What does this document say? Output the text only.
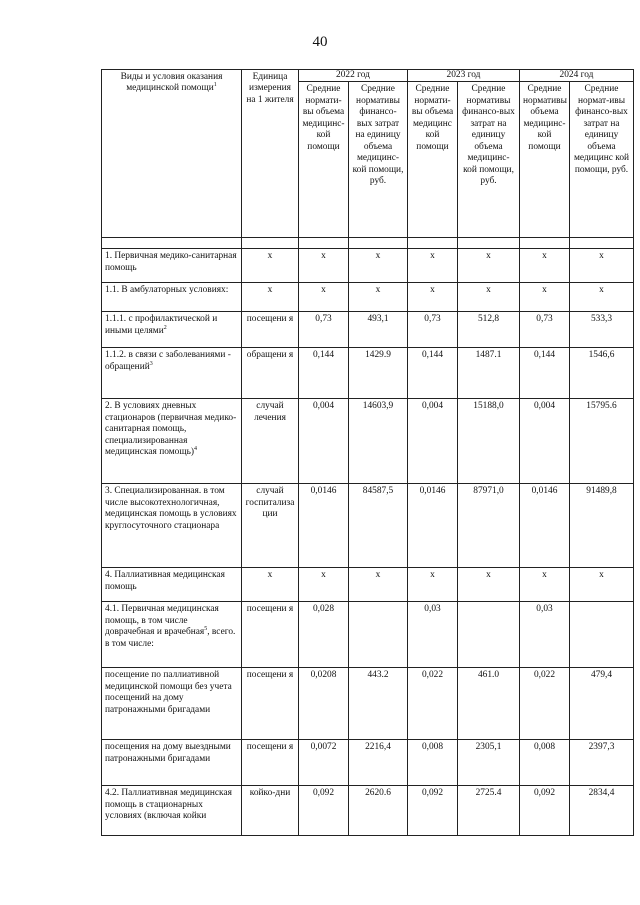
40
Виды и условия оказания медицинской помощи$^1$	Единица измерения на 1 жителя	2022 год		2023 год		2024 год	
		Средние нормати-вы объема медицинс-кой помощи	Средние нормативы финансо-вых затрат на единицу объема медицинс-кой помощи, руб.	Средние нормати-вы объема медицинс кой помощи	Средние нормативы финансо-вых затрат на единицу объема медицинс-кой помощи, руб.	Средние нормативы объема медицинс-кой помощи	Средние нормат-ивы финансо-вых затрат на единицу объема медицинс кой помощи, руб.

1. Первичная медико-санитарная помощь	х	х	х	х	х	х	х
1.1. В амбулаторных условиях:	х	х	х	х	х	х	х
1.1.1. с профилактической и иными целями$^2$	посещени я	0,73	493,1	0,73	512,8	0,73	533,3
1.1.2. в связи с заболеваниями - обращений$^3$	обращени я	0,144	1429.9	0,144	1487.1	0,144	1546,6
2. В условиях дневных стационаров (первичная медико-санитарная помощь, специализированная медицинская помощь)$^4$	случай лечения	0,004	14603,9	0,004	15188,0	0,004	15795.6
3. Специализированная. в том числе высокотехнологичная, медицинская помощь в условиях круглосуточного стационара	случай госпитализа ции	0,0146	84587,5	0,0146	87971,0	0,0146	91489,8
4. Паллиативная медицинская помощь	х	х	х	х	х	х	х
4.1. Первичная медицинская помощь, в том числе доврачебная и врачебная$^5$, всего. в том числе:	посещени я	0,028		0,03		0,03	
посещение по паллиативной медицинской помощи без учета посещений на дому патронажными бригадами	посещени я	0,0208	443.2	0,022	461.0	0,022	479,4
посещения на дому выездными патронажными бригадами	посещени я	0,0072	2216,4	0,008	2305,1	0,008	2397,3
4.2. Паллиативная медицинская помощь в стационарных условиях (включая койки	койко-дни	0,092	2620.6	0,092	2725.4	0,092	2834,4
